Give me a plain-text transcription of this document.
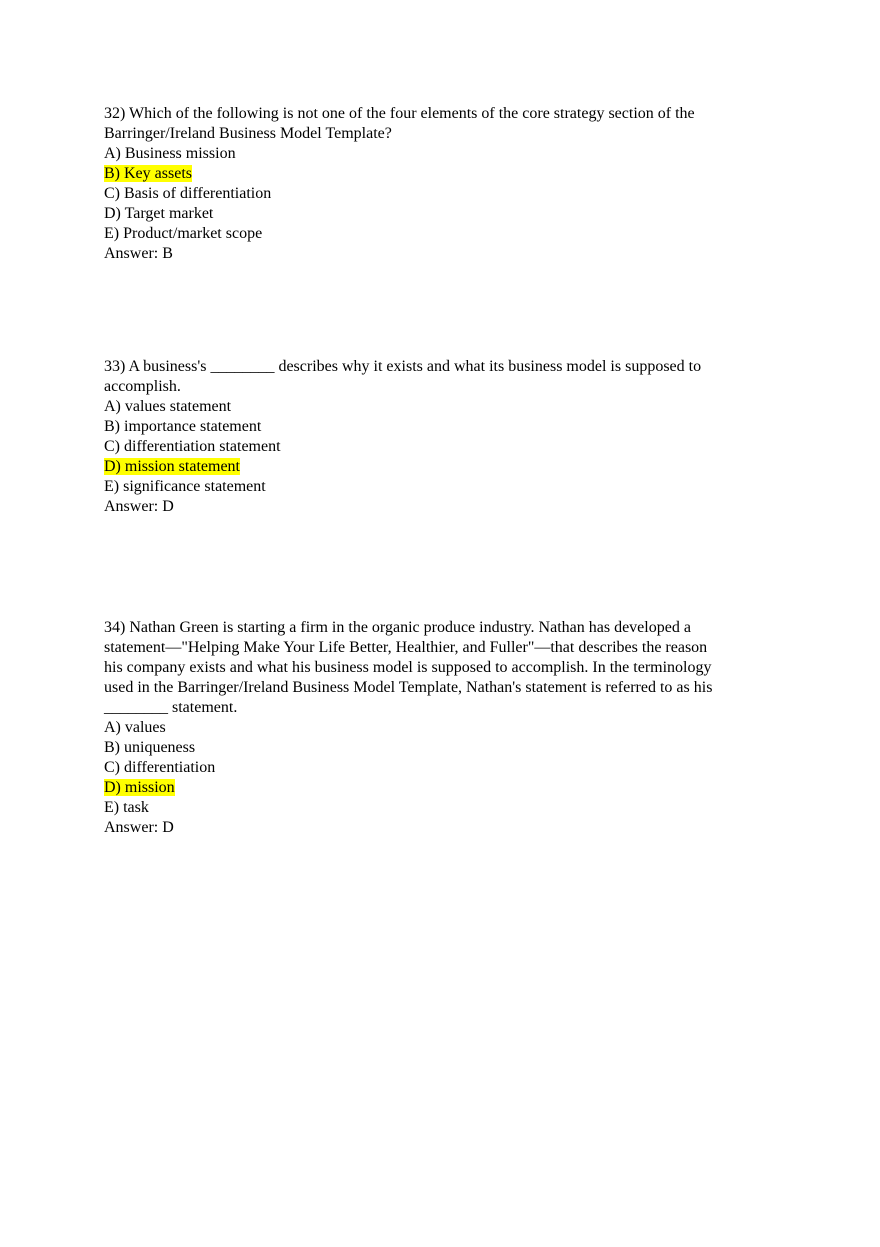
32) Which of the following is not one of the four elements of the core strategy section of the
Barringer/Ireland Business Model Template?
A) Business mission
B) Key assets
C) Basis of differentiation
D) Target market
E) Product/market scope
Answer: B
33) A business's ________ describes why it exists and what its business model is supposed to
accomplish.
A) values statement
B) importance statement
C) differentiation statement
D) mission statement
E) significance statement
Answer: D
34) Nathan Green is starting a firm in the organic produce industry. Nathan has developed a
statement—"Helping Make Your Life Better, Healthier, and Fuller"—that describes the reason
his company exists and what his business model is supposed to accomplish. In the terminology
used in the Barringer/Ireland Business Model Template, Nathan's statement is referred to as his
________ statement.
A) values
B) uniqueness
C) differentiation
D) mission
E) task
Answer: D
